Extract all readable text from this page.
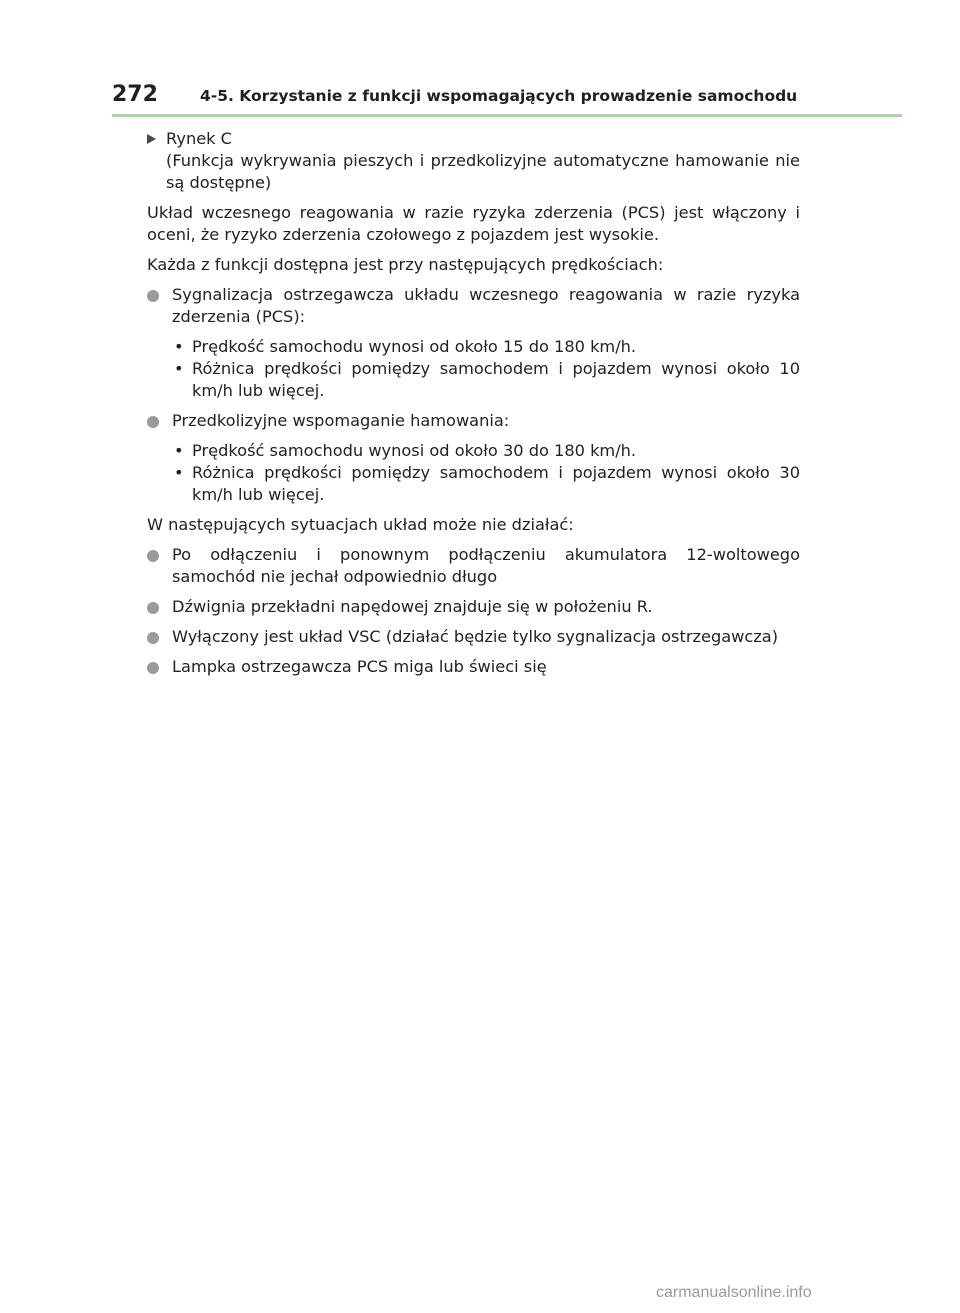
272	4-5. Korzystanie z funkcji wspomagających prowadzenie samochodu
Rynek C
(Funkcja wykrywania pieszych i przedkolizyjne automatyczne hamowanie nie są dostępne)

Układ wczesnego reagowania w razie ryzyka zderzenia (PCS) jest włączony i oceni, że ryzyko zderzenia czołowego z pojazdem jest wysokie.

Każda z funkcji dostępna jest przy następujących prędkościach:

Sygnalizacja ostrzegawcza układu wczesnego reagowania w razie ryzyka zderzenia (PCS):

• Prędkość samochodu wynosi od około 15 do 180 km/h.

• Różnica prędkości pomiędzy samochodem i pojazdem wynosi około 10 km/h lub więcej.

Przedkolizyjne wspomaganie hamowania:

• Prędkość samochodu wynosi od około 30 do 180 km/h.

• Różnica prędkości pomiędzy samochodem i pojazdem wynosi około 30 km/h lub więcej.

W następujących sytuacjach układ może nie działać:

Po odłączeniu i ponownym podłączeniu akumulatora 12-woltowego samochód nie jechał odpowiednio długo
Dźwignia przekładni napędowej znajduje się w położeniu R.
Wyłączony jest układ VSC (działać będzie tylko sygnalizacja ostrzegawcza)
Lampka ostrzegawcza PCS miga lub świeci się
carmanualsonline.info
